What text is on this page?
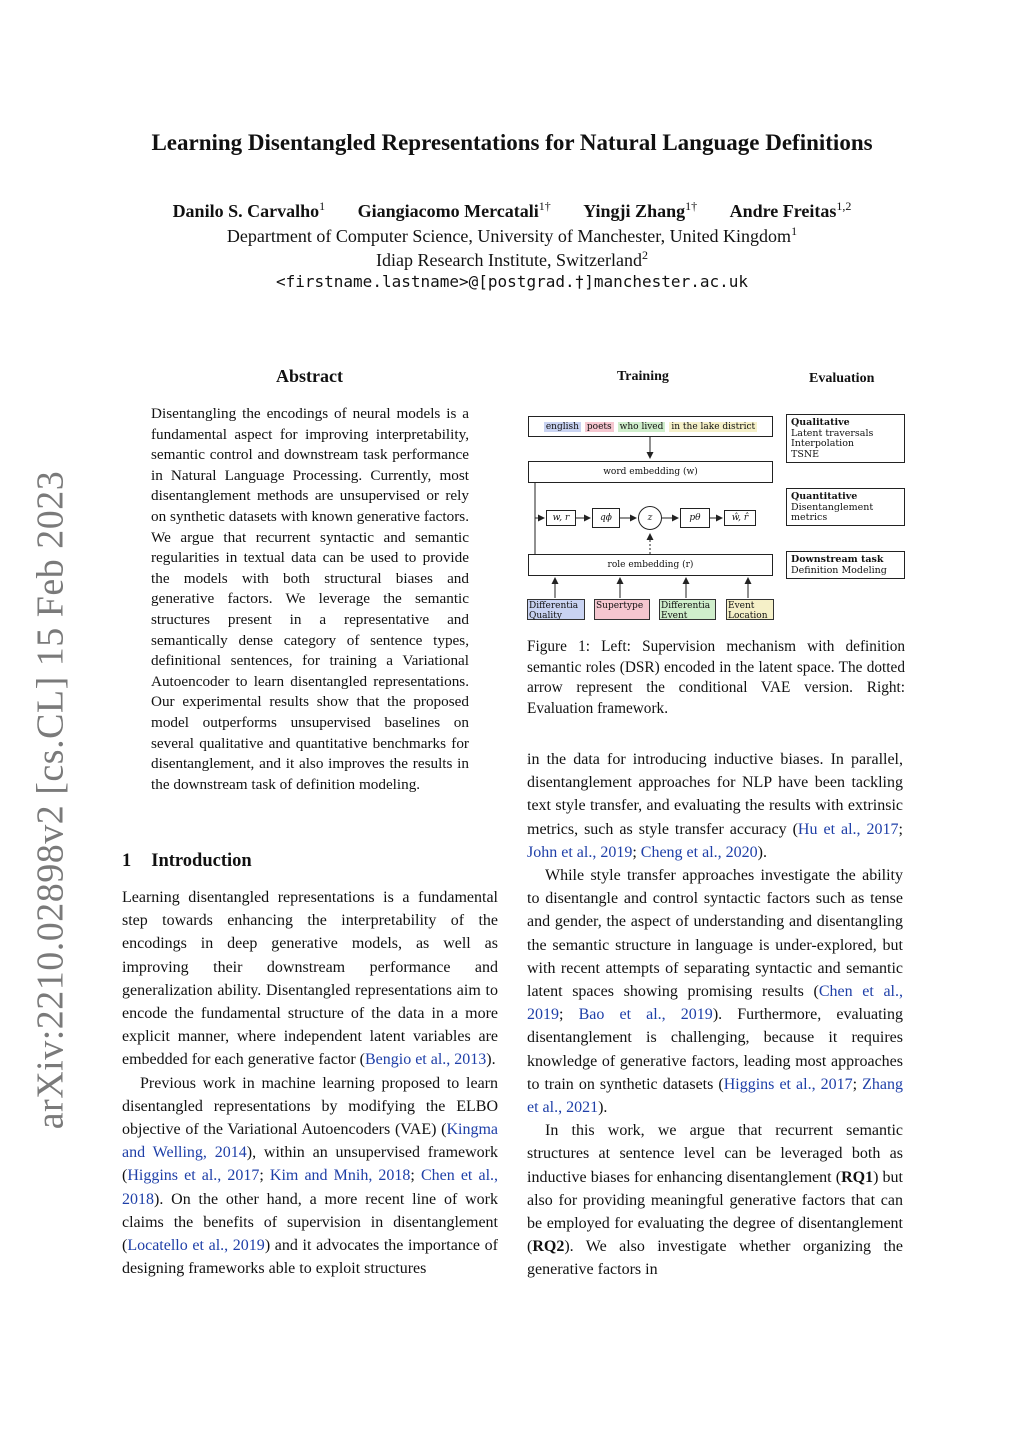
arXiv:2210.02898v2 [cs.CL] 15 Feb 2023
Learning Disentangled Representations for Natural Language Definitions
Danilo S. Carvalho$^1$ Giangiacomo Mercatali$^{1\dagger}$ Yingji Zhang$^{1\dagger}$ Andre Freitas$^{1,2}$
Department of Computer Science, University of Manchester, United Kingdom$^1$
Idiap Research Institute, Switzerland$^2$
<firstname.lastname>@[postgrad.†]manchester.ac.uk
Abstract

Disentangling the encodings of neural models is a fundamental aspect for improving interpretability, semantic control and downstream task performance in Natural Language Processing. Currently, most disentanglement methods are unsupervised or rely on synthetic datasets with known generative factors. We argue that recurrent syntactic and semantic regularities in textual data can be used to provide the models with both structural biases and generative factors. We leverage the semantic structures present in a representative and semantically dense category of sentence types, definitional sentences, for training a Variational Autoencoder to learn disentangled representations. Our experimental results show that the proposed model outperforms unsupervised baselines on several qualitative and quantitative benchmarks for disentanglement, and it also improves the results in the downstream task of definition modeling.

Training	Evaluation
english poets who lived in the lake district
word embedding (w)
w, r	qϕ	z	pθ	ŵ, r̂
role embedding (r)
Differentia Quality
Supertype	Differentia Event
Event Location
Qualitative
Latent traversals
Interpolation
TSNE
Quantitative
Disentanglement
metrics
Downstream task
Definition Modeling

Figure 1: Left: Supervision mechanism with definition semantic roles (DSR) encoded in the latent space. The dotted arrow represent the conditional VAE version. Right: Evaluation framework.

1 Introduction

Learning disentangled representations is a fundamental step towards enhancing the interpretability of the encodings in deep generative models, as well as improving their downstream performance and generalization ability. Disentangled representations aim to encode the fundamental structure of the data in a more explicit manner, where independent latent variables are embedded for each generative factor (Bengio et al., 2013).

Previous work in machine learning proposed to learn disentangled representations by modifying the ELBO objective of the Variational Autoencoders (VAE) (Kingma and Welling, 2014), within an unsupervised framework (Higgins et al., 2017; Kim and Mnih, 2018; Chen et al., 2018). On the other hand, a more recent line of work claims the benefits of supervision in disentanglement (Locatello et al., 2019) and it advocates the importance of designing frameworks able to exploit structures

in the data for introducing inductive biases. In parallel, disentanglement approaches for NLP have been tackling text style transfer, and evaluating the results with extrinsic metrics, such as style transfer accuracy (Hu et al., 2017; John et al., 2019; Cheng et al., 2020).

While style transfer approaches investigate the ability to disentangle and control syntactic factors such as tense and gender, the aspect of understanding and disentangling the semantic structure in language is under-explored, but with recent attempts of separating syntactic and semantic latent spaces showing promising results (Chen et al., 2019; Bao et al., 2019). Furthermore, evaluating disentanglement is challenging, because it requires knowledge of generative factors, leading most approaches to train on synthetic datasets (Higgins et al., 2017; Zhang et al., 2021).

In this work, we argue that recurrent semantic structures at sentence level can be leveraged both as inductive biases for enhancing disentanglement (RQ1) but also for providing meaningful generative factors that can be employed for evaluating the degree of disentanglement (RQ2). We also investigate whether organizing the generative factors in
